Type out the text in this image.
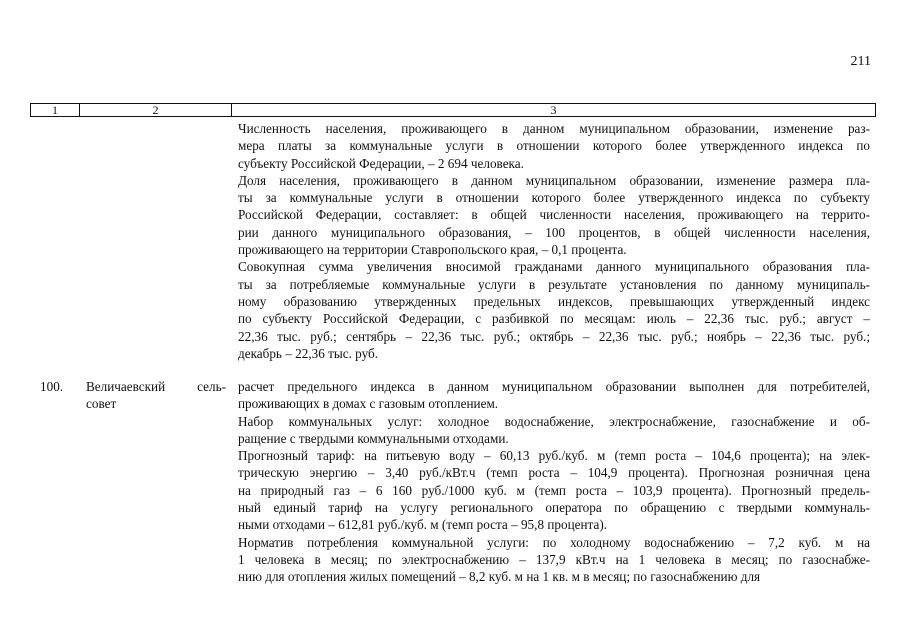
211
1	2	3
Численность населения, проживающего в данном муниципальном образовании, изменение раз-
мера платы за коммунальные услуги в отношении которого более утвержденного индекса по
субъекту Российской Федерации, – 2 694 человека.
Доля населения, проживающего в данном муниципальном образовании, изменение размера пла-
ты за коммунальные услуги в отношении которого более утвержденного индекса по субъекту
Российской Федерации, составляет: в общей численности населения, проживающего на террито-
рии данного муниципального образования, – 100 процентов, в общей численности населения,
проживающего на территории Ставропольского края, – 0,1 процента.
Совокупная сумма увеличения вносимой гражданами данного муниципального образования пла-
ты за потребляемые коммунальные услуги в результате установления по данному муниципаль-
ному образованию утвержденных предельных индексов, превышающих утвержденный индекс
по субъекту Российской Федерации, с разбивкой по месяцам: июль – 22,36 тыс. руб.; август –
22,36 тыс. руб.; сентябрь – 22,36 тыс. руб.; октябрь – 22,36 тыс. руб.; ноябрь – 22,36 тыс. руб.;
декабрь – 22,36 тыс. руб.
100. Величаевский сель-
совет
расчет предельного индекса в данном муниципальном образовании выполнен для потребителей,
проживающих в домах с газовым отоплением.
Набор коммунальных услуг: холодное водоснабжение, электроснабжение, газоснабжение и об-
ращение с твердыми коммунальными отходами.
Прогнозный тариф: на питьевую воду – 60,13 руб./куб. м (темп роста – 104,6 процента); на элек-
трическую энергию – 3,40 руб./кВт.ч (темп роста – 104,9 процента). Прогнозная розничная цена
на природный газ – 6 160 руб./1000 куб. м (темп роста – 103,9 процента). Прогнозный предель-
ный единый тариф на услугу регионального оператора по обращению с твердыми коммуналь-
ными отходами – 612,81 руб./куб. м (темп роста – 95,8 процента).
Норматив потребления коммунальной услуги: по холодному водоснабжению – 7,2 куб. м на
1 человека в месяц; по электроснабжению – 137,9 кВт.ч на 1 человека в месяц; по газоснабже-
нию для отопления жилых помещений – 8,2 куб. м на 1 кв. м в месяц; по газоснабжению для
